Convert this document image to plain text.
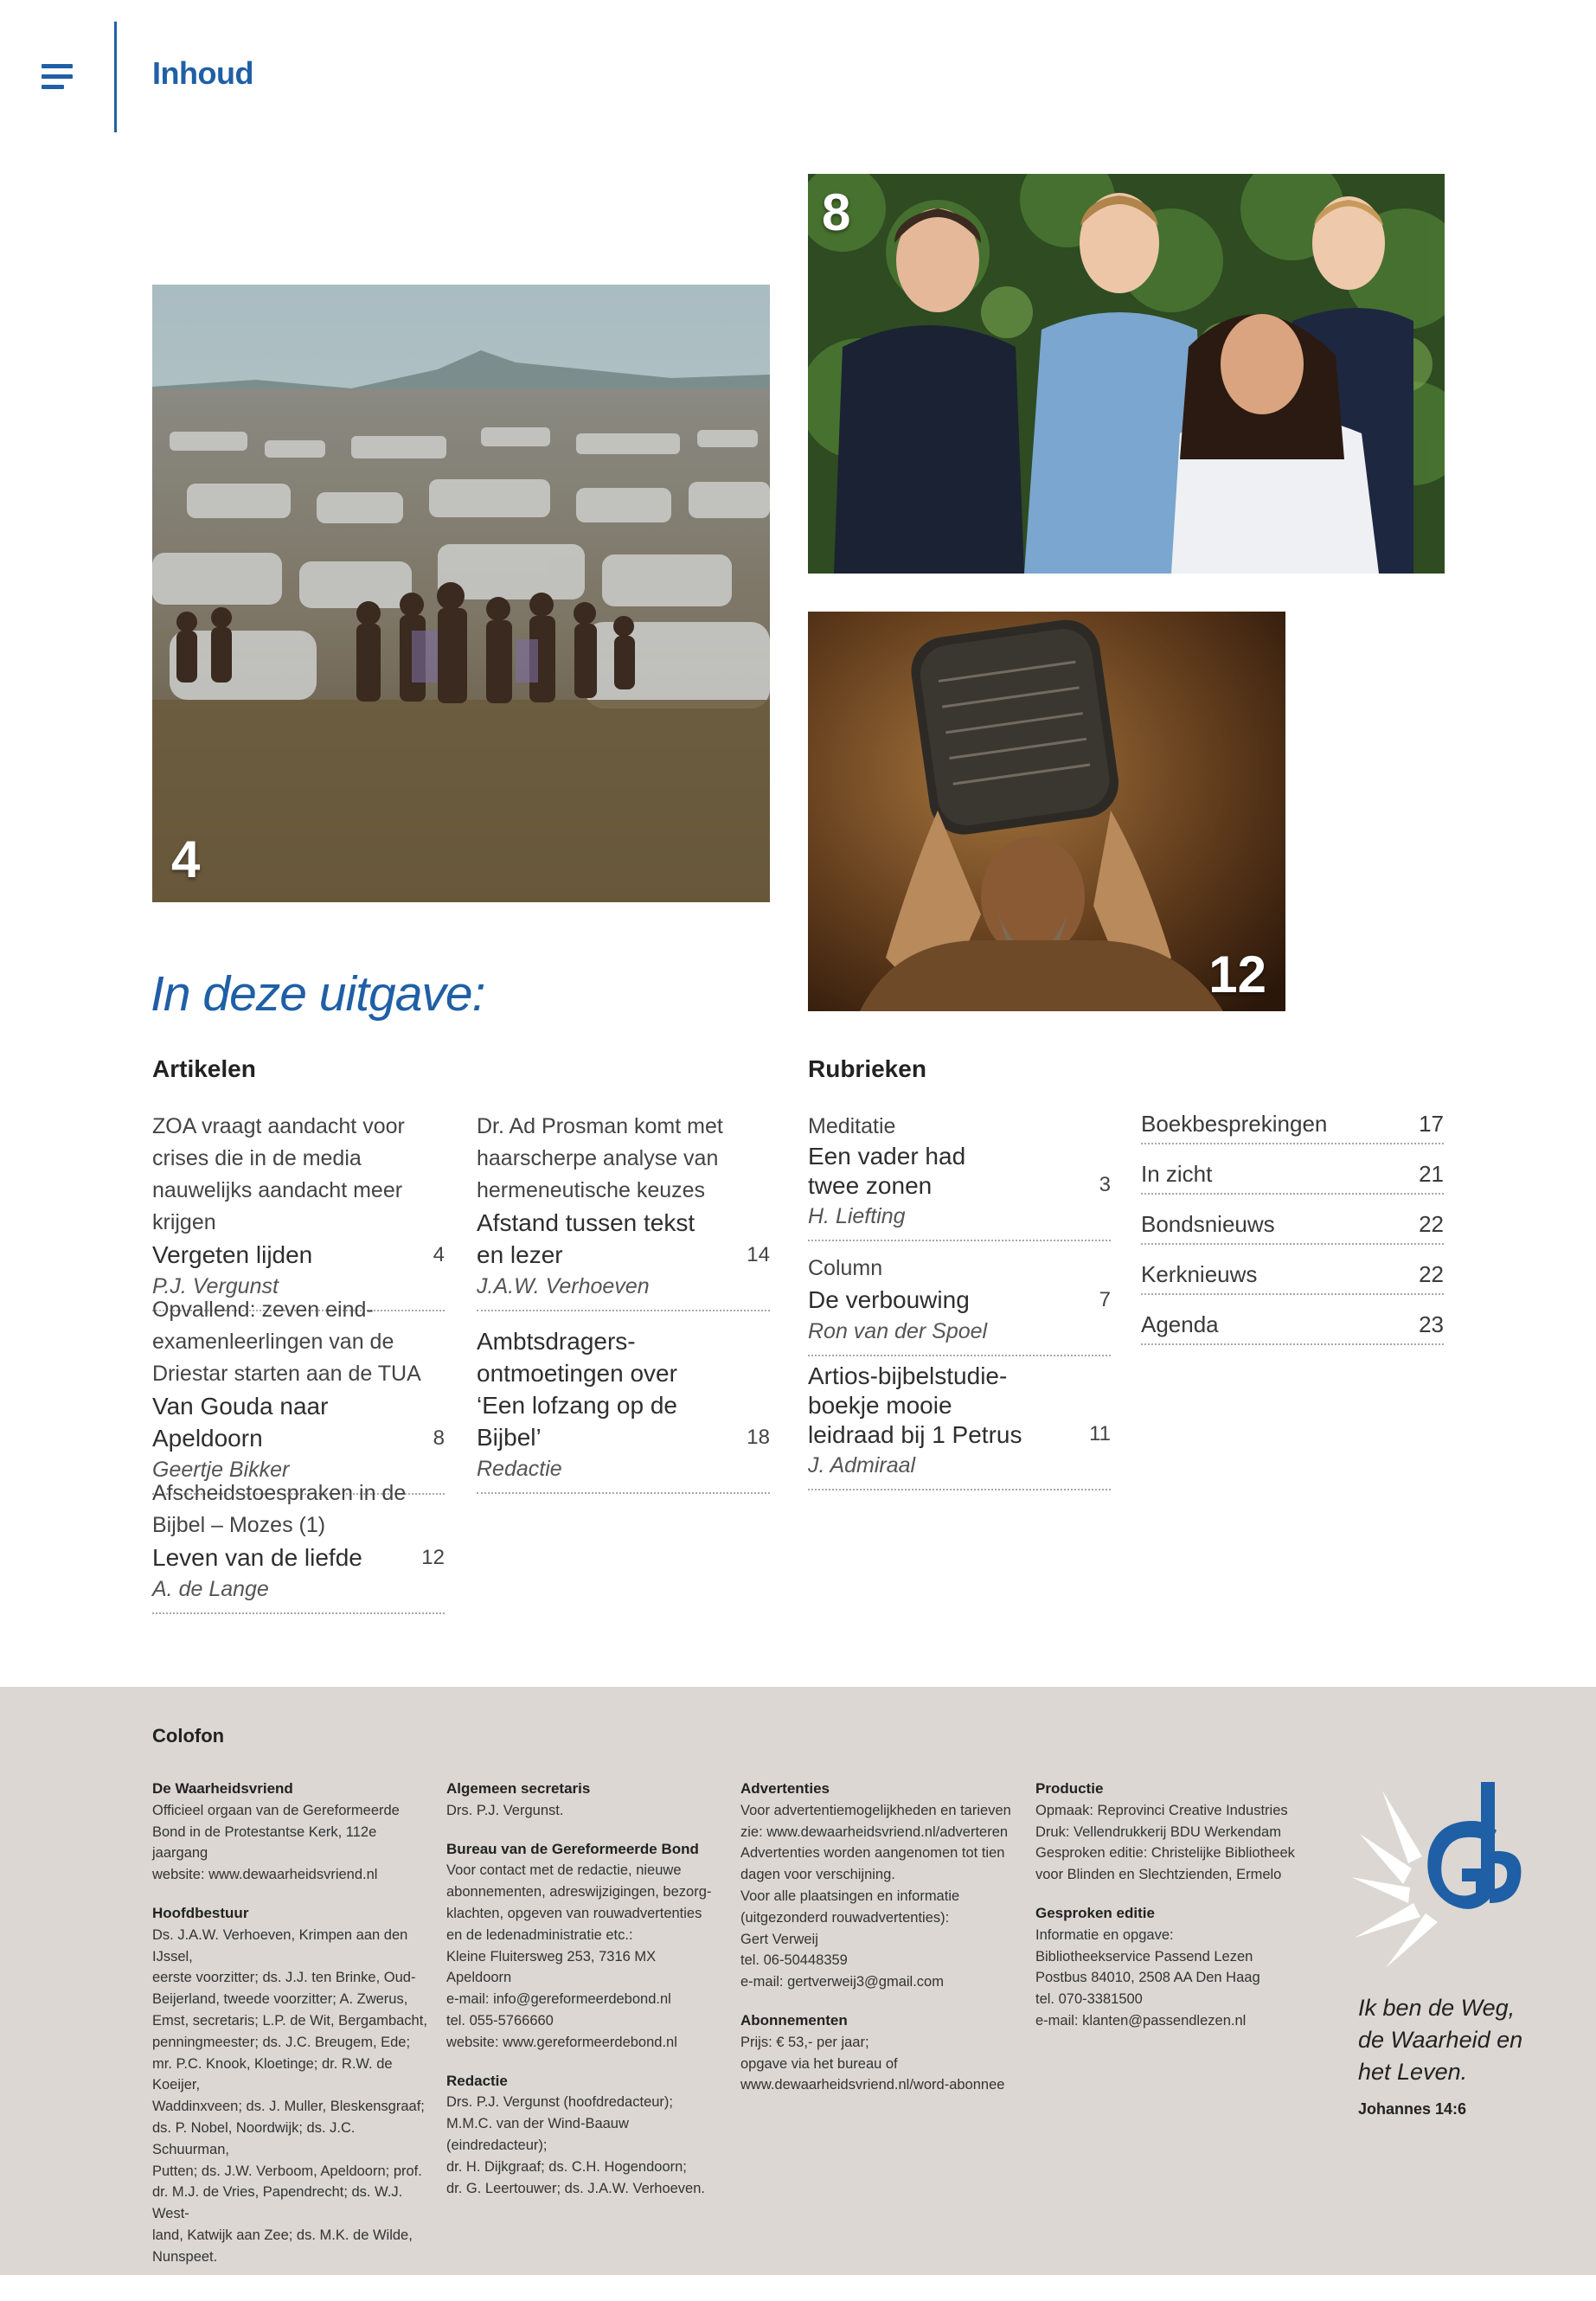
Inhoud
4
8
12
In deze uitgave:
Artikelen	Rubrieken
ZOA vraagt aandacht voor crises die in de media nauwelijks aandacht meer krijgen
Vergeten lijden	4
P.J. Vergunst
Opvallend: zeven eind-examenleerlingen van de Driestar starten aan de TUA
Van Gouda naar Apeldoorn	8
Geertje Bikker
Afscheidstoespraken in de Bijbel – Mozes (1)
Leven van de liefde	12
A. de Lange
Dr. Ad Prosman komt met haarscherpe analyse van hermeneutische keuzes
Afstand tussen tekst en lezer	14
J.A.W. Verhoeven
Ambtsdragers-ontmoetingen over ‘Een lofzang op de Bijbel’	18
Redactie
Meditatie
Een vader had twee zonen	3
H. Liefting
Column
De verbouwing	7
Ron van der Spoel
Artios-bijbelstudie-boekje mooie leidraad bij 1 Petrus	11
J. Admiraal
Boekbesprekingen	17
In zicht	21
Bondsnieuws	22
Kerknieuws	22
Agenda	23
Colofon
De Waarheidsvriend
Officieel orgaan van de Gereformeerde
Bond in de Protestantse Kerk, 112e jaargang
website: www.dewaarheidsvriend.nl
Hoofdbestuur
Ds. J.A.W. Verhoeven, Krimpen aan den IJssel,
eerste voorzitter; ds. J.J. ten Brinke, Oud-
Beijerland, tweede voorzitter; A. Zwerus,
Emst, secretaris; L.P. de Wit, Bergambacht,
penningmeester; ds. J.C. Breugem, Ede;
mr. P.C. Knook, Kloetinge; dr. R.W. de Koeijer,
Waddinxveen; ds. J. Muller, Bleskensgraaf;
ds. P. Nobel, Noordwijk; ds. J.C. Schuurman,
Putten; ds. J.W. Verboom, Apeldoorn; prof.
dr. M.J. de Vries, Papendrecht; ds. W.J. West-
land, Katwijk aan Zee; ds. M.K. de Wilde,
Nunspeet.
Algemeen secretaris
Drs. P.J. Vergunst.
Bureau van de Gereformeerde Bond
Voor contact met de redactie, nieuwe
abonnementen, adreswijzigingen, bezorg-
klachten, opgeven van rouwadvertenties
en de ledenadministratie etc.:
Kleine Fluitersweg 253, 7316 MX Apeldoorn
e-mail: info@gereformeerdebond.nl
tel. 055-5766660
website: www.gereformeerdebond.nl
Redactie
Drs. P.J. Vergunst (hoofdredacteur);
M.M.C. van der Wind-Baauw (eindredacteur);
dr. H. Dijkgraaf; ds. C.H. Hogendoorn;
dr. G. Leertouwer; ds. J.A.W. Verhoeven.
Advertenties
Voor advertentiemogelijkheden en tarieven
zie: www.dewaarheidsvriend.nl/adverteren
Advertenties worden aangenomen tot tien
dagen voor verschijning.
Voor alle plaatsingen en informatie
(uitgezonderd rouwadvertenties):
Gert Verweij
tel. 06-50448359
e-mail: gertverweij3@gmail.com
Abonnementen
Prijs: € 53,- per jaar;
opgave via het bureau of
www.dewaarheidsvriend.nl/word-abonnee
Productie
Opmaak: Reprovinci Creative Industries
Druk: Vellendrukkerij BDU Werkendam
Gesproken editie: Christelijke Bibliotheek
voor Blinden en Slechtzienden, Ermelo
Gesproken editie
Informatie en opgave:
Bibliotheekservice Passend Lezen
Postbus 84010, 2508 AA Den Haag
tel. 070-3381500
e-mail: klanten@passendlezen.nl	Ik ben de Weg,
de Waarheid en
het Leven.
Johannes 14:6
